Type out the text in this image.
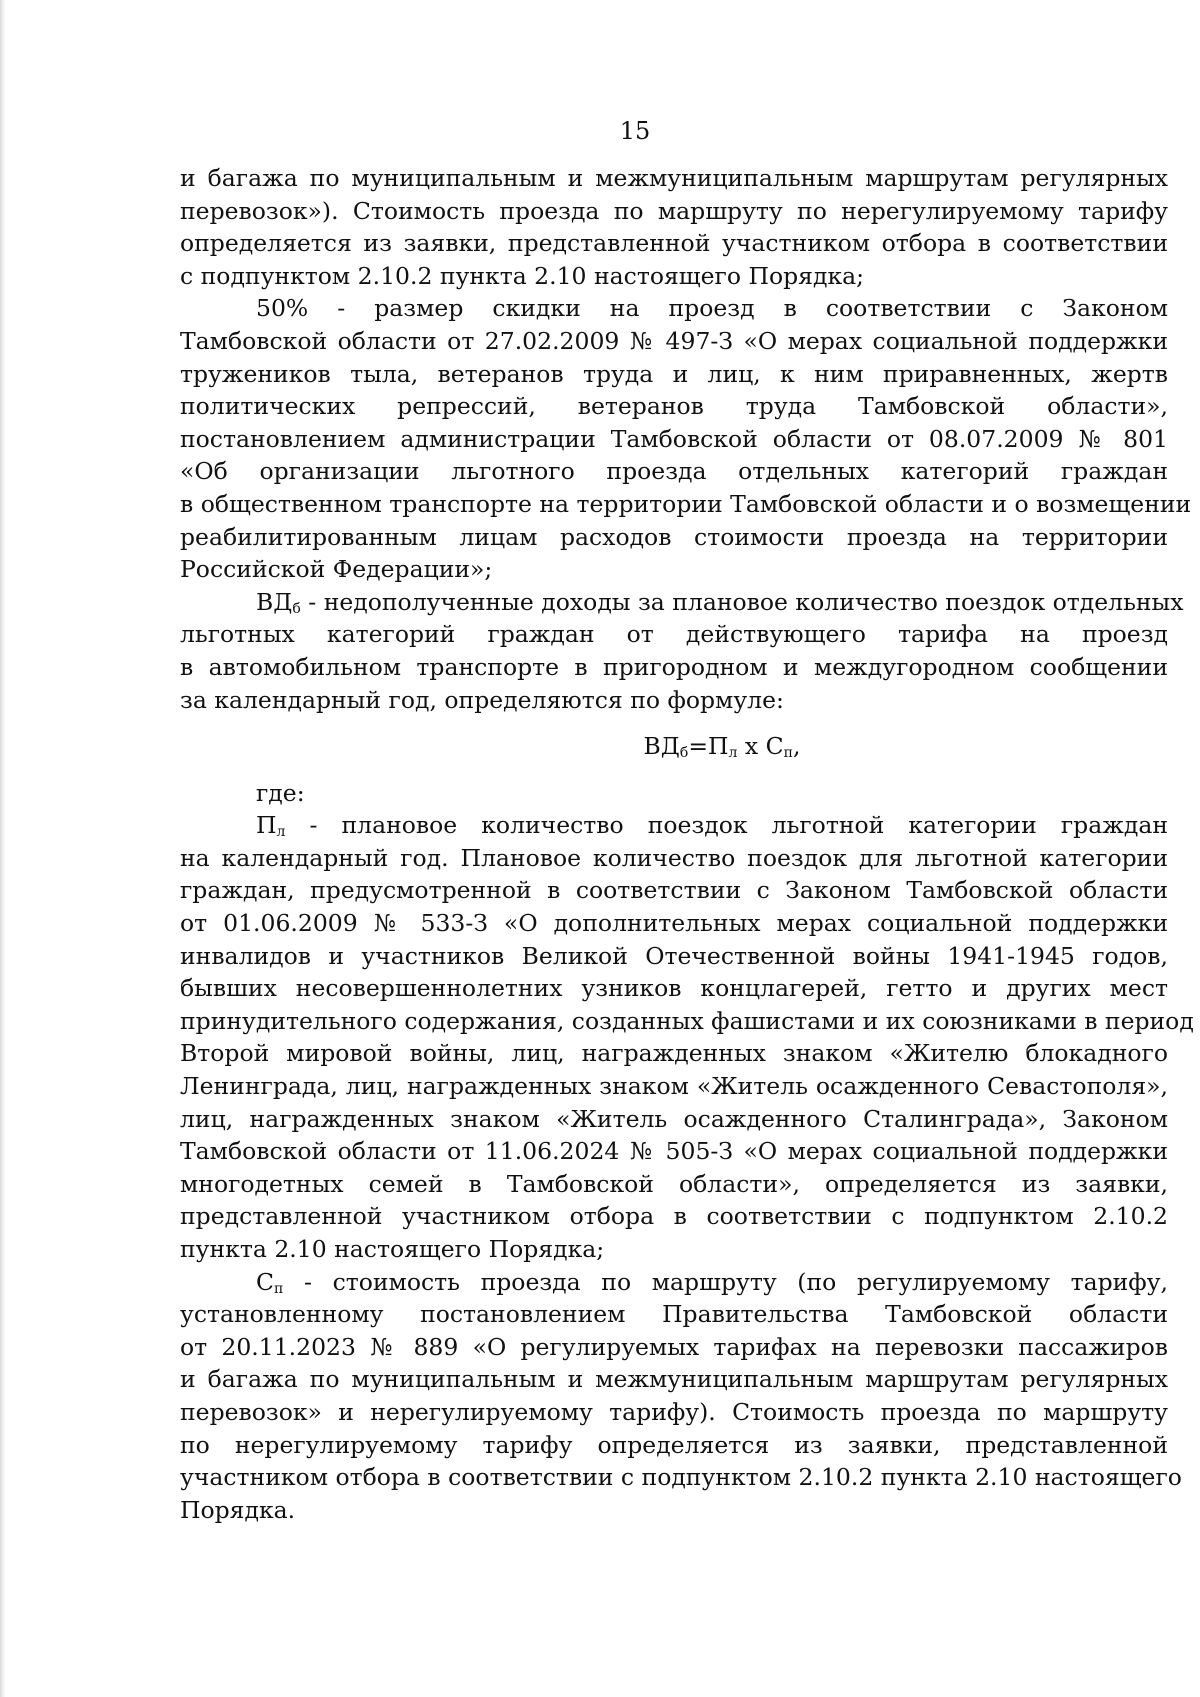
15
и багажа по муниципальным и межмуниципальным маршрутам регулярных
перевозок»). Стоимость проезда по маршруту по нерегулируемому тарифу
определяется из заявки, представленной участником отбора в соответствии
с подпунктом 2.10.2 пункта 2.10 настоящего Порядка;
50% - размер скидки на проезд в соответствии с Законом
Тамбовской области от 27.02.2009 № 497-З «О мерах социальной поддержки
тружеников тыла, ветеранов труда и лиц, к ним приравненных, жертв
политических репрессий, ветеранов труда Тамбовской области»,
постановлением администрации Тамбовской области от 08.07.2009 № 801
«Об организации льготного проезда отдельных категорий граждан
в общественном транспорте на территории Тамбовской области и о возмещении
реабилитированным лицам расходов стоимости проезда на территории
Российской Федерации»;
$ВД_б$ - недополученные доходы за плановое количество поездок отдельных
льготных категорий граждан от действующего тарифа на проезд
в автомобильном транспорте в пригородном и междугородном сообщении
за календарный год, определяются по формуле:
$ВД_б=П_л$ х $С_п$,
где:
$П_л$ - плановое количество поездок льготной категории граждан
на календарный год. Плановое количество поездок для льготной категории
граждан, предусмотренной в соответствии с Законом Тамбовской области
от 01.06.2009 № 533-З «О дополнительных мерах социальной поддержки
инвалидов и участников Великой Отечественной войны 1941-1945 годов,
бывших несовершеннолетних узников концлагерей, гетто и других мест
принудительного содержания, созданных фашистами и их союзниками в период
Второй мировой войны, лиц, награжденных знаком «Жителю блокадного
Ленинграда, лиц, награжденных знаком «Житель осажденного Севастополя»,
лиц, награжденных знаком «Житель осажденного Сталинграда», Законом
Тамбовской области от 11.06.2024 № 505-З «О мерах социальной поддержки
многодетных семей в Тамбовской области», определяется из заявки,
представленной участником отбора в соответствии с подпунктом 2.10.2
пункта 2.10 настоящего Порядка;
$С_п$ - стоимость проезда по маршруту (по регулируемому тарифу,
установленному постановлением Правительства Тамбовской области
от 20.11.2023 № 889 «О регулируемых тарифах на перевозки пассажиров
и багажа по муниципальным и межмуниципальным маршрутам регулярных
перевозок» и нерегулируемому тарифу). Стоимость проезда по маршруту
по нерегулируемому тарифу определяется из заявки, представленной
участником отбора в соответствии с подпунктом 2.10.2 пункта 2.10 настоящего
Порядка.
